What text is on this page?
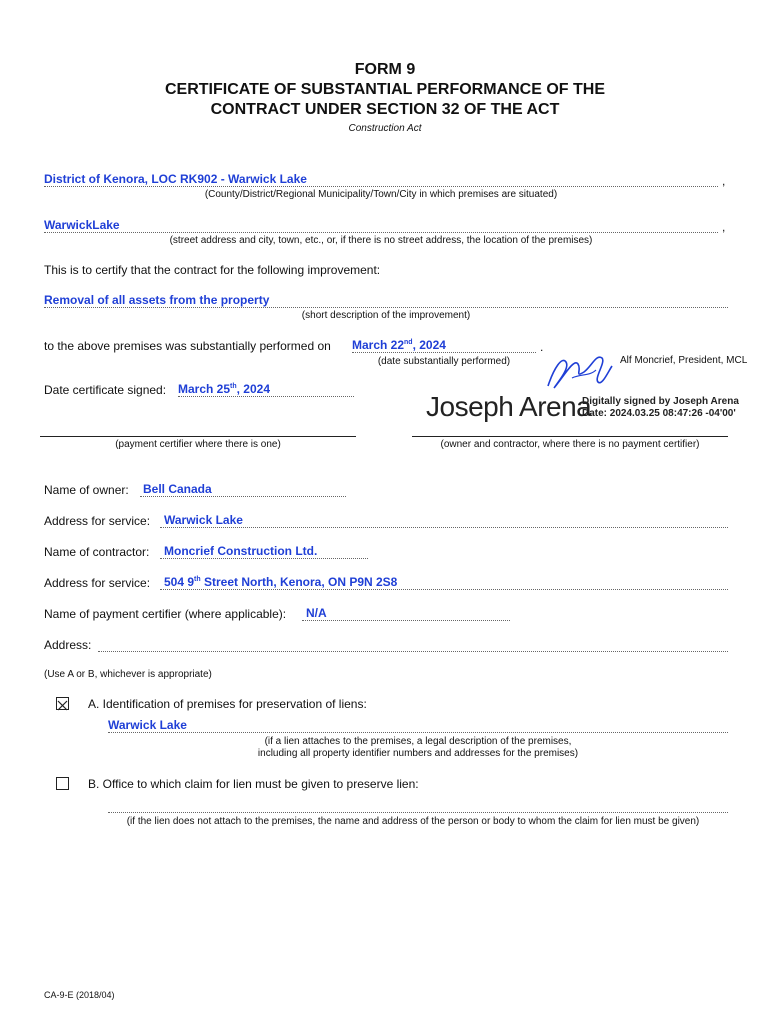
FORM 9
CERTIFICATE OF SUBSTANTIAL PERFORMANCE OF THE
CONTRACT UNDER SECTION 32 OF THE ACT
Construction Act
District of Kenora, LOC RK902 - Warwick Lake	,
(County/District/Regional Municipality/Town/City in which premises are situated)
WarwickLake	,
(street address and city, town, etc., or, if there is no street address, the location of the premises)
This is to certify that the contract for the following improvement:
Removal of all assets from the property
(short description of the improvement)
to the above premises was substantially performed on March 22nd, 2024	.
(date substantially performed)	Alf Moncrief, President, MCL
Date certificate signed: March 25th, 2024
Joseph Arena
Digitally signed by Joseph Arena
Date: 2024.03.25 08:47:26 -04'00'
(payment certifier where there is one)	(owner and contractor, where there is no payment certifier)
Name of owner: Bell Canada
Address for service:	Warwick Lake
Name of contractor:	Moncrief Construction Ltd.
Address for service:	504 9th Street North, Kenora, ON P9N 2S8
Name of payment certifier (where applicable):	N/A
Address:
(Use A or B, whichever is appropriate)
A. Identification of premises for preservation of liens:
Warwick Lake
(if a lien attaches to the premises, a legal description of the premises,
including all property identifier numbers and addresses for the premises)
B. Office to which claim for lien must be given to preserve lien:
(if the lien does not attach to the premises, the name and address of the person or body to whom the claim for lien must be given)
CA-9-E (2018/04)
